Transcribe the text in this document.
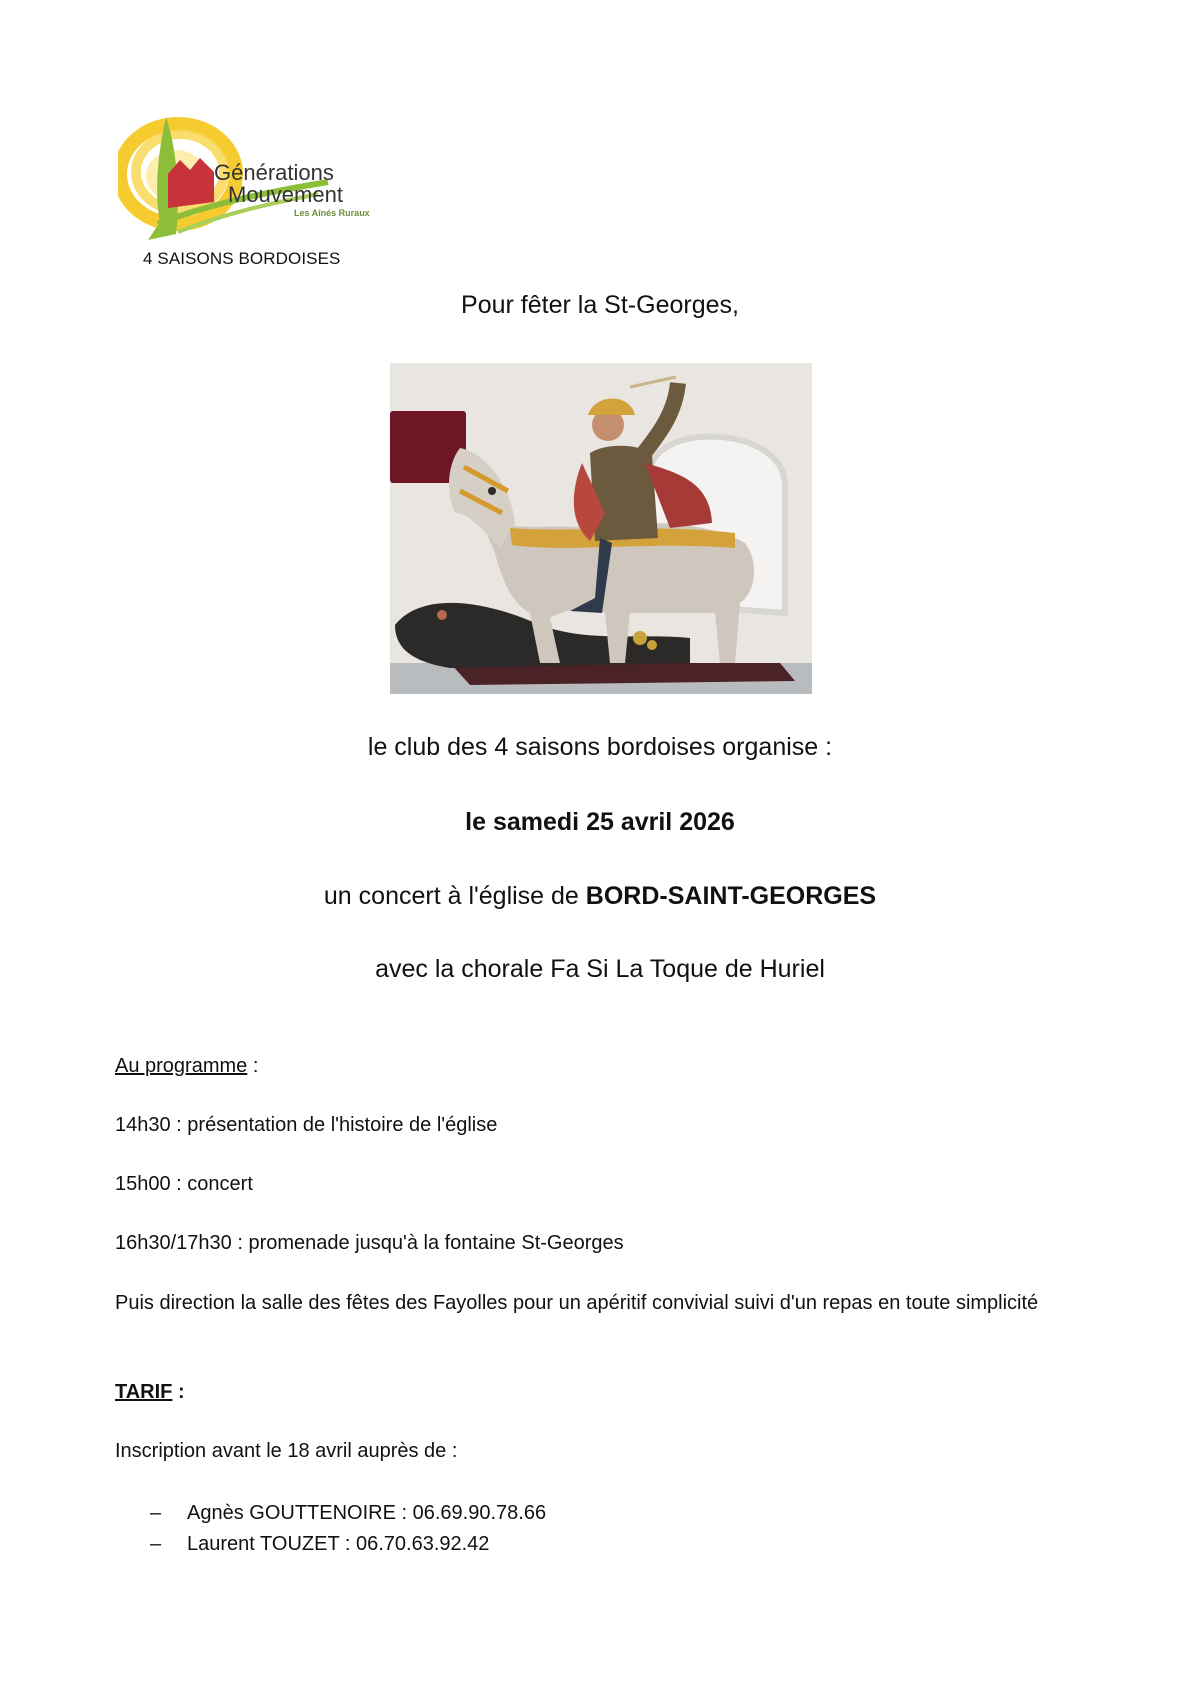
Générations
Mouvement
Les Aînés Ruraux
4 SAISONS BORDOISES
Pour fêter la St-Georges,
le club des 4 saisons bordoises organise :
le samedi 25 avril 2026
un concert à l'église de BORD-SAINT-GEORGES
avec la chorale Fa Si La Toque de Huriel
Au programme :
14h30 : présentation de l'histoire de l'église
15h00 : concert
16h30/17h30 : promenade jusqu'à la fontaine St-Georges
Puis direction la salle des fêtes des Fayolles pour un apéritif convivial suivi d'un repas en toute simplicité
TARIF :
Inscription avant le 18 avril auprès de :
–	Agnès GOUTTENOIRE : 06.69.90.78.66
–	Laurent TOUZET : 06.70.63.92.42
